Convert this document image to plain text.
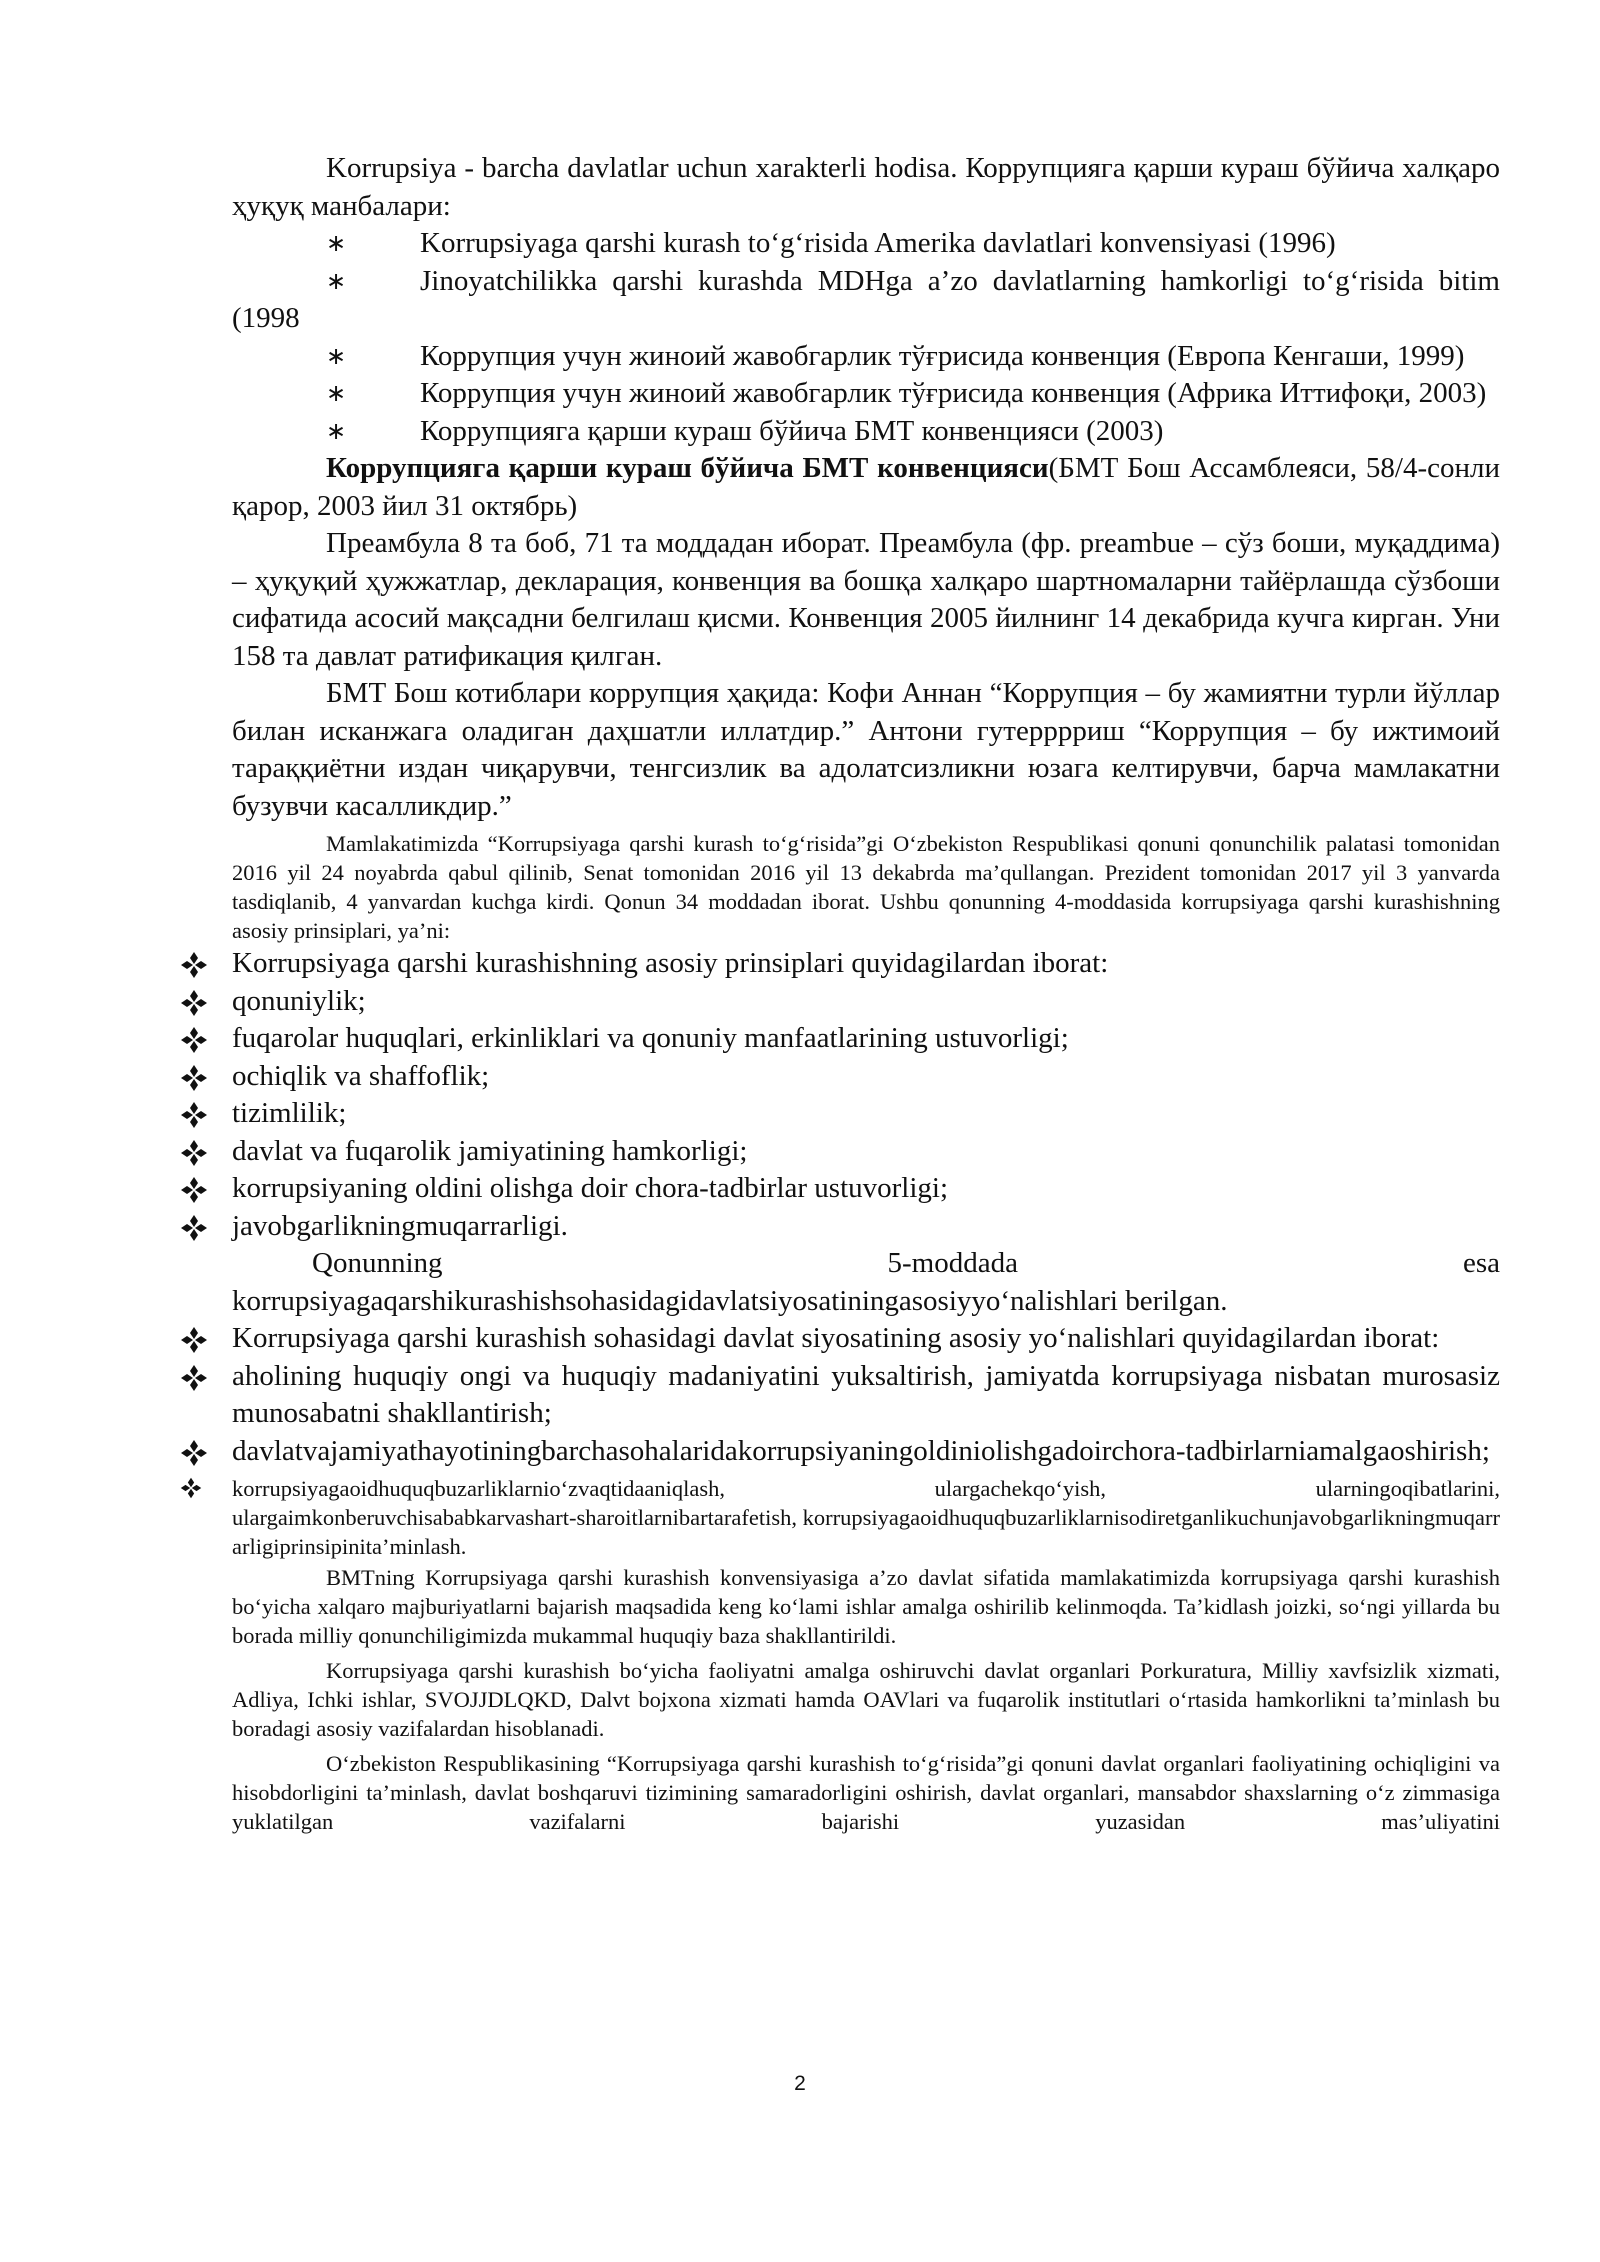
Korrupsiya - barcha davlatlar uchun xarakterli hodisa. Коррупцияга қарши кураш бўйича халқаро ҳуқуқ манбалари:

∗	Korrupsiyaga qarshi kurash to‘g‘risida Amerika davlatlari konvensiyasi (1996)
∗	Jinoyatchilikka qarshi kurashda MDHga a’zo davlatlarning hamkorligi to‘g‘risida bitim (1998
∗	Коррупция учун жиноий жавобгарлик тўғрисида конвенция (Европа Кенгаши, 1999)
∗	Коррупция учун жиноий жавобгарлик тўғрисида конвенция (Африка Иттифоқи, 2003)
∗	Коррупцияга қарши кураш бўйича БМТ конвенцияси (2003)

Коррупцияга қарши кураш бўйича БМТ конвенцияси(БМТ Бош Ассамблеяси, 58/4-сонли қарор, 2003 йил 31 октябрь)

Преамбула 8 та боб, 71 та моддадан иборат. Преамбула (фр. preambue – сўз боши, муқаддима) – ҳуқуқий ҳужжатлар, декларация, конвенция ва бошқа халқаро шартномаларни тайёрлашда сўзбоши сифатида асосий мақсадни белгилаш қисми. Конвенция 2005 йилнинг 14 декабрида кучга кирган. Уни 158 та давлат ратификация қилган.

БМТ Бош котиблари коррупция ҳақида: Кофи Аннан “Коррупция – бу жамиятни турли йўллар билан исканжага оладиган даҳшатли иллатдир.” Антони гутерррриш “Коррупция – бу ижтимоий тараққиётни издан чиқарувчи, тенгсизлик ва адолатсизликни юзага келтирувчи, барча мамлакатни бузувчи касалликдир.”

Mamlakatimizda “Korrupsiyaga qarshi kurash to‘g‘risida”gi O‘zbekiston Respublikasi qonuni qonunchilik palatasi tomonidan 2016 yil 24 noyabrda qabul qilinib, Senat tomonidan 2016 yil 13 dekabrda ma’qullangan. Prezident tomonidan 2017 yil 3 yanvarda tasdiqlanib, 4 yanvardan kuchga kirdi. Qonun 34 moddadan iborat. Ushbu qonunning 4-moddasida korrupsiyaga qarshi kurashishning asosiy prinsiplari, ya’ni:

Korrupsiyaga qarshi kurashishning asosiy prinsiplari quyidagilardan iborat:
qonuniylik;
fuqarolar huquqlari, erkinliklari va qonuniy manfaatlarining ustuvorligi;
ochiqlik va shaffoflik;
tizimlilik;
davlat va fuqarolik jamiyatining hamkorligi;
korrupsiyaning oldini olishga doir chora-tadbirlar ustuvorligi;
javobgarlikningmuqarrarligi.
Qonunning	5-moddada	esa

korrupsiyagaqarshikurashishsohasidagidavlatsiyosatiningasosiyyo‘nalishlari berilgan.

Korrupsiyaga qarshi kurashish sohasidagi davlat siyosatining asosiy yo‘nalishlari quyidagilardan iborat:
aholining huquqiy ongi va huquqiy madaniyatini yuksaltirish, jamiyatda korrupsiyaga nisbatan murosasiz munosabatni shakllantirish;
davlatvajamiyathayotiningbarchasohalaridakorrupsiyaningoldiniolishgadoirchora-tadbirlarniamalgaoshirish;
korrupsiyagaoidhuquqbuzarliklarnio‘zvaqtidaaniqlash,	ulargachekqo‘yish,	ularningoqibatlarini,
ulargaimkonberuvchisababkarvashart-sharoitlarnibartarafetish, korrupsiyagaoidhuquqbuzarliklarnisodiretganlikuchunjavobgarlikningmuqarrarligiprinsipinita’minlash.

BMTning Korrupsiyaga qarshi kurashish konvensiyasiga a’zo davlat sifatida mamlakatimizda korrupsiyaga qarshi kurashish bo‘yicha xalqaro majburiyatlarni bajarish maqsadida keng ko‘lami ishlar amalga oshirilib kelinmoqda. Ta’kidlash joizki, so‘ngi yillarda bu borada milliy qonunchiligimizda mukammal huquqiy baza shakllantirildi.

Korrupsiyaga qarshi kurashish bo‘yicha faoliyatni amalga oshiruvchi davlat organlari Porkuratura, Milliy xavfsizlik xizmati, Adliya, Ichki ishlar, SVOJJDLQKD, Dalvt bojxona xizmati hamda OAVlari va fuqarolik institutlari o‘rtasida hamkorlikni ta’minlash bu boradagi asosiy vazifalardan hisoblanadi.

O‘zbekiston Respublikasining “Korrupsiyaga qarshi kurashish to‘g‘risida”gi qonuni davlat organlari faoliyatining ochiqligini va hisobdorligini ta’minlash, davlat boshqaruvi tizimining samaradorligini oshirish, davlat organlari, mansabdor shaxslarning o‘z zimmasiga yuklatilgan vazifalarni bajarishi yuzasidan mas’uliyatini

2
